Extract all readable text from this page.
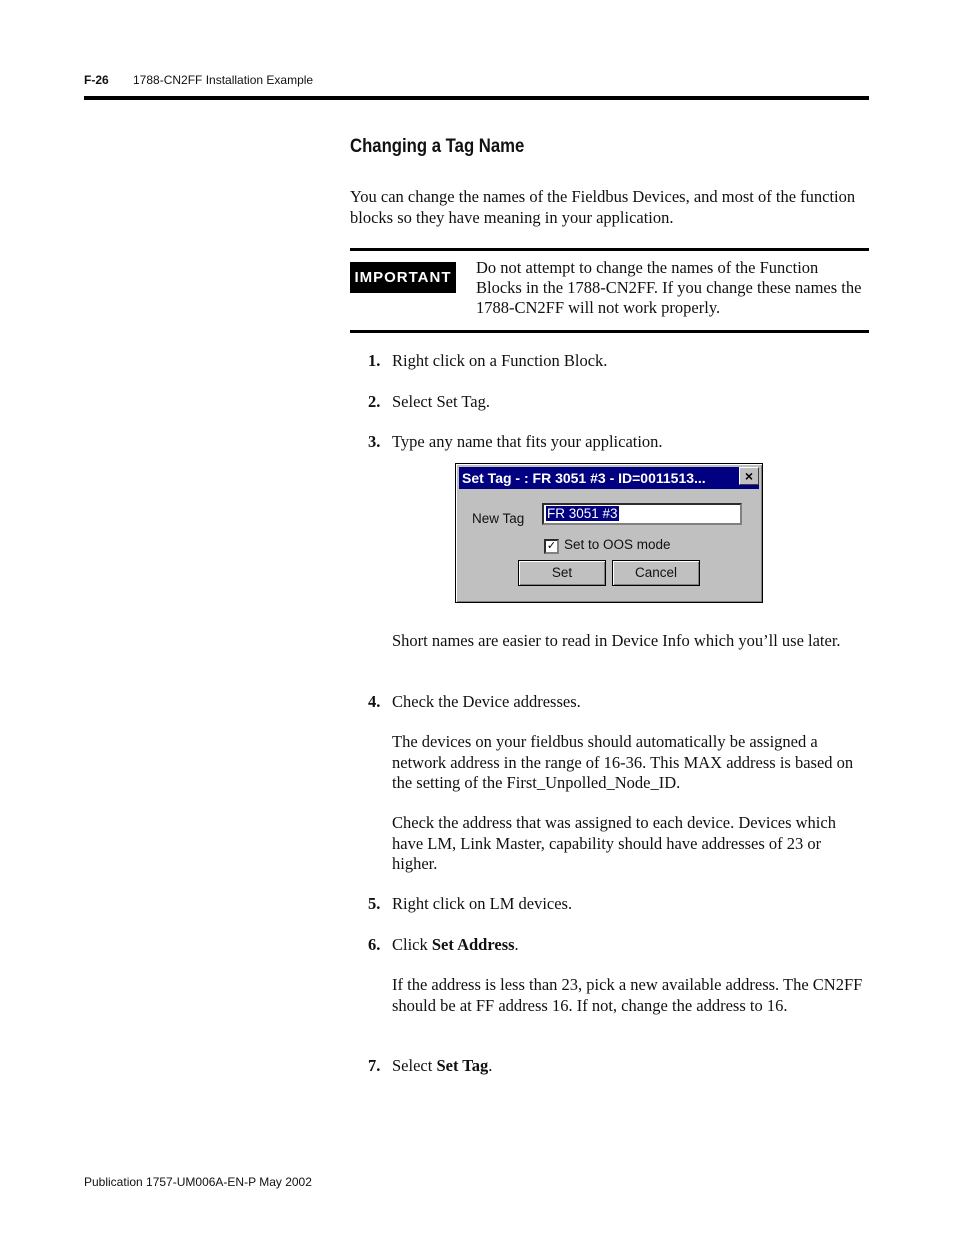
F-26 1788-CN2FF Installation Example
Changing a Tag Name
You can change the names of the Fieldbus Devices, and most of the function blocks so they have meaning in your application.
IMPORTANT
Do not attempt to change the names of the Function Blocks in the 1788-CN2FF. If you change these names the 1788-CN2FF will not work properly.
1. Right click on a Function Block.
2. Select Set Tag.
3. Type any name that fits your application.
Set Tag - : FR 3051 #3 - ID=0011513...	×
New Tag	FR 3051 #3
✓ Set to OOS mode
Set	Cancel
Short names are easier to read in Device Info which you’ll use later.
4. Check the Device addresses.
The devices on your fieldbus should automatically be assigned a network address in the range of 16-36. This MAX address is based on the setting of the First_Unpolled_Node_ID.
Check the address that was assigned to each device. Devices which have LM, Link Master, capability should have addresses of 23 or higher.
5. Right click on LM devices.
6. Click Set Address.
If the address is less than 23, pick a new available address. The CN2FF should be at FF address 16. If not, change the address to 16.
7. Select Set Tag.
Publication 1757-UM006A-EN-P May 2002
